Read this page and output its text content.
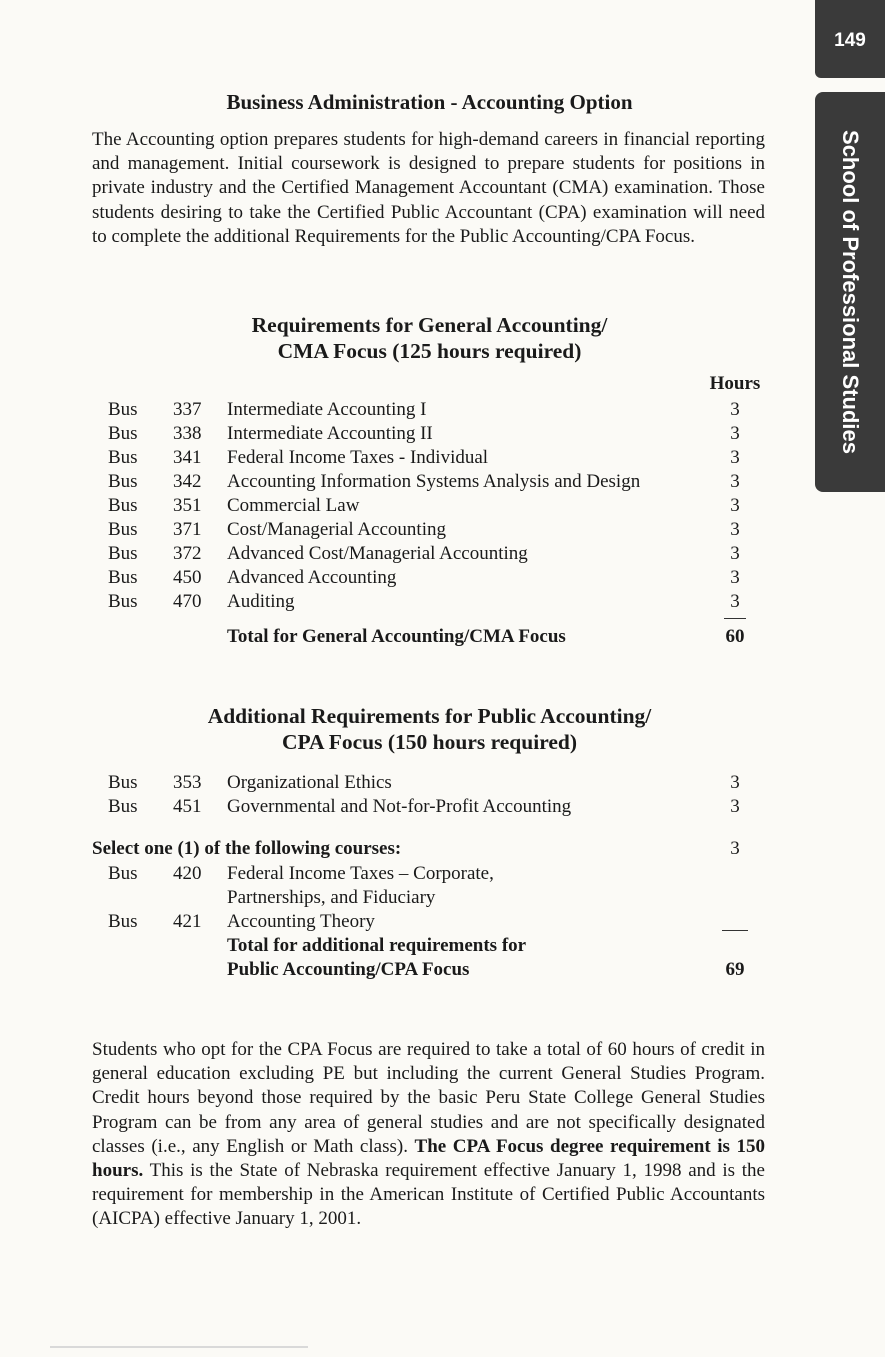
149
School of Professional Studies
Business Administration - Accounting Option

The Accounting option prepares students for high-demand careers in financial reporting and management. Initial coursework is designed to prepare students for positions in private industry and the Certified Management Accountant (CMA) examination. Those students desiring to take the Certified Public Accountant (CPA) examination will need to complete the additional Requirements for the Public Accounting/CPA Focus.

Requirements for General Accounting/
CMA Focus (125 hours required)
Hours
Bus 337 Intermediate Accounting I	3
Bus 338 Intermediate Accounting II	3
Bus 341 Federal Income Taxes - Individual	3
Bus 342 Accounting Information Systems Analysis and Design	3
Bus 351 Commercial Law	3
Bus 371 Cost/Managerial Accounting	3
Bus 372 Advanced Cost/Managerial Accounting	3
Bus 450 Advanced Accounting	3
Bus 470 Auditing	3
Total for General Accounting/CMA Focus	60
Additional Requirements for Public Accounting/
CPA Focus (150 hours required)
Bus 353 Organizational Ethics	3
Bus 451 Governmental and Not-for-Profit Accounting	3
Select one (1) of the following courses:	3
Bus 420 Federal Income Taxes – Corporate,
Partnerships, and Fiduciary
Bus 421 Accounting Theory
Total for additional requirements for
Public Accounting/CPA Focus	69

Students who opt for the CPA Focus are required to take a total of 60 hours of credit in general education excluding PE but including the current General Studies Program. Credit hours beyond those required by the basic Peru State College General Studies Program can be from any area of general studies and are not specifically designated classes (i.e., any English or Math class). The CPA Focus degree requirement is 150 hours. This is the State of Nebraska requirement effective January 1, 1998 and is the requirement for membership in the American Institute of Certified Public Accountants (AICPA) effective January 1, 2001.
